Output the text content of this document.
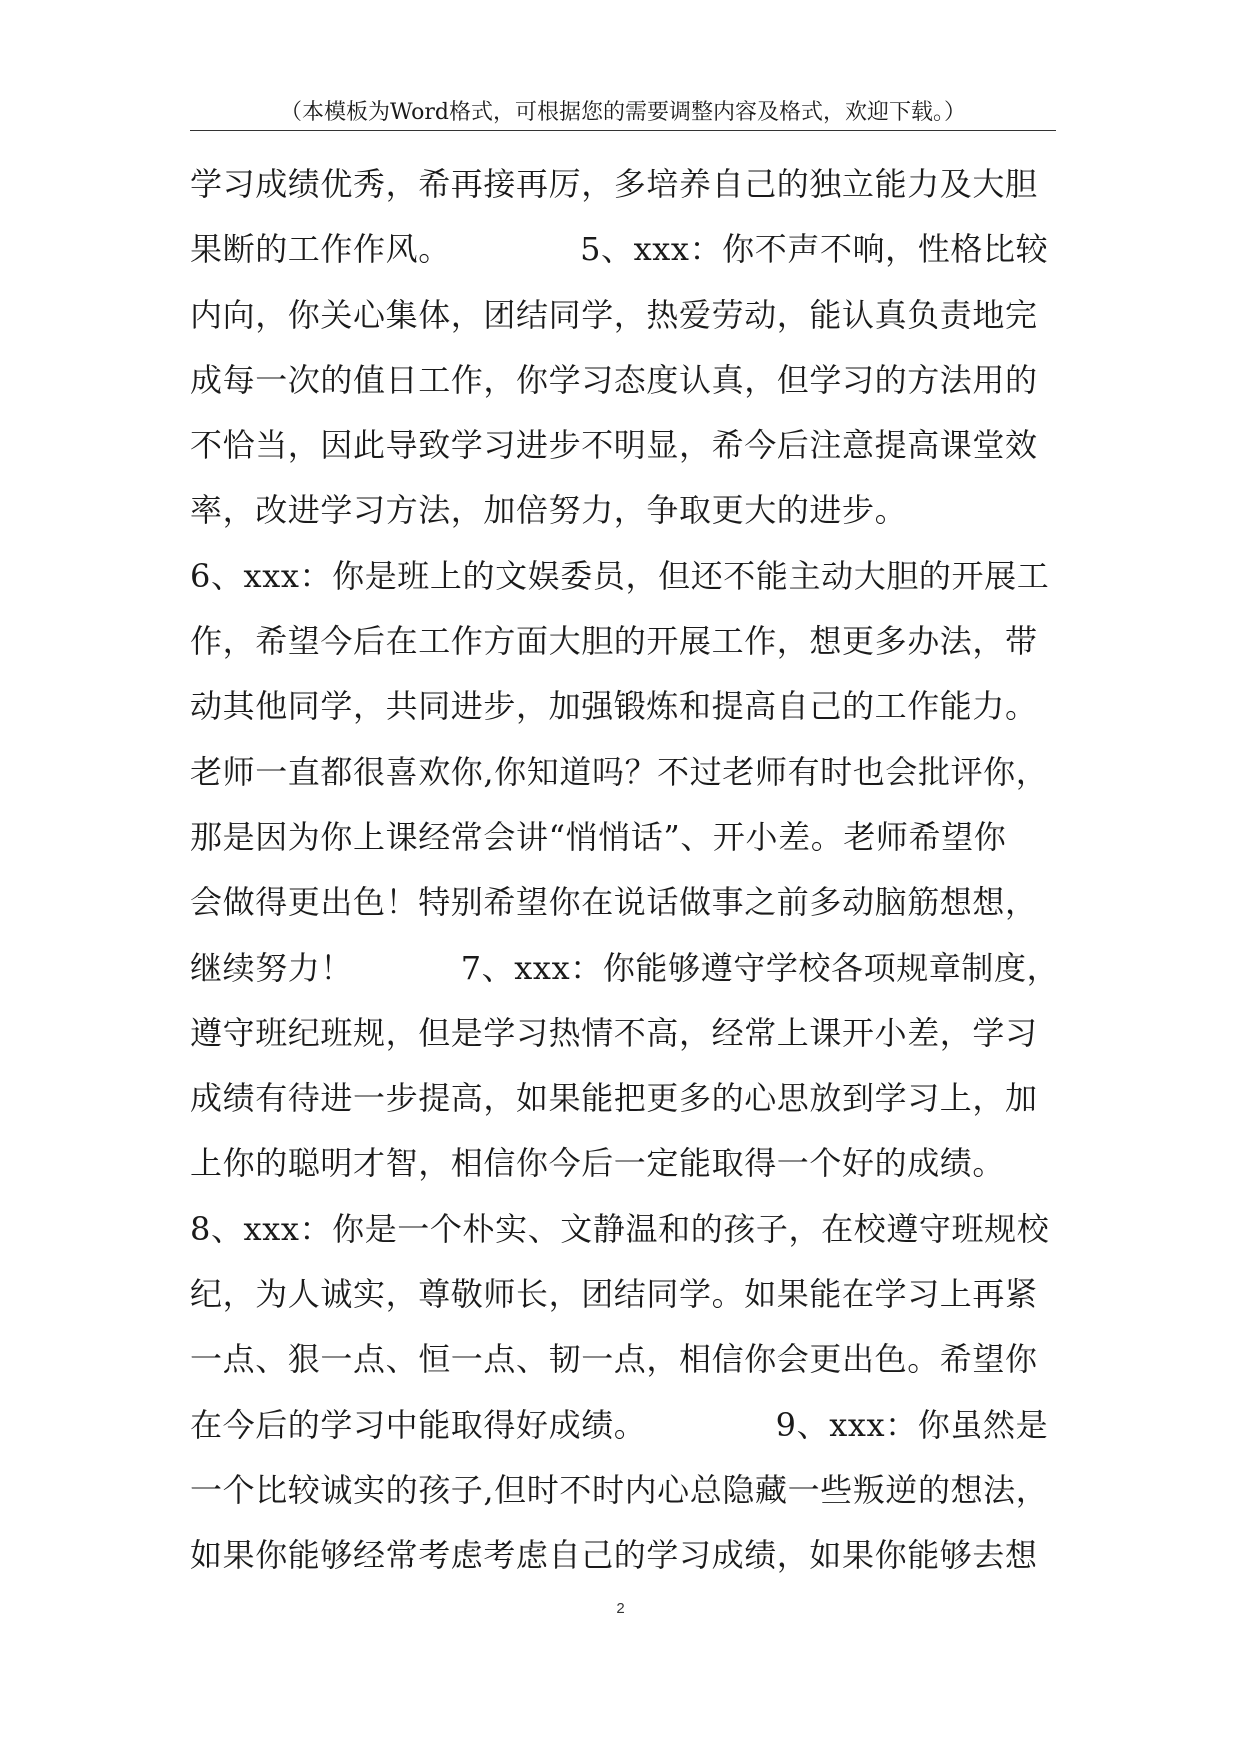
（本模板为Word格式，可根据您的需要调整内容及格式，欢迎下载。）
学习成绩优秀，希再接再厉，多培养自己的独立能力及大胆
果断的工作作风。            5、xxx：你不声不响，性格比较
内向，你关心集体，团结同学，热爱劳动，能认真负责地完
成每一次的值日工作，你学习态度认真，但学习的方法用的
不恰当，因此导致学习进步不明显，希今后注意提高课堂效
率，改进学习方法，加倍努力，争取更大的进步。
6、xxx：你是班上的文娱委员，但还不能主动大胆的开展工
作，希望今后在工作方面大胆的开展工作，想更多办法，带
动其他同学，共同进步，加强锻炼和提高自己的工作能力。
老师一直都很喜欢你,你知道吗？不过老师有时也会批评你，
那是因为你上课经常会讲“悄悄话”、开小差。老师希望你
会做得更出色！特别希望你在说话做事之前多动脑筋想想，
继续努力！          7、xxx：你能够遵守学校各项规章制度，
遵守班纪班规，但是学习热情不高，经常上课开小差，学习
成绩有待进一步提高，如果能把更多的心思放到学习上，加
上你的聪明才智，相信你今后一定能取得一个好的成绩。
8、xxx：你是一个朴实、文静温和的孩子，在校遵守班规校
纪，为人诚实，尊敬师长，团结同学。如果能在学习上再紧
一点、狠一点、恒一点、韧一点，相信你会更出色。希望你
在今后的学习中能取得好成绩。            9、xxx：你虽然是
一个比较诚实的孩子,但时不时内心总隐藏一些叛逆的想法，
如果你能够经常考虑考虑自己的学习成绩，如果你能够去想
2
